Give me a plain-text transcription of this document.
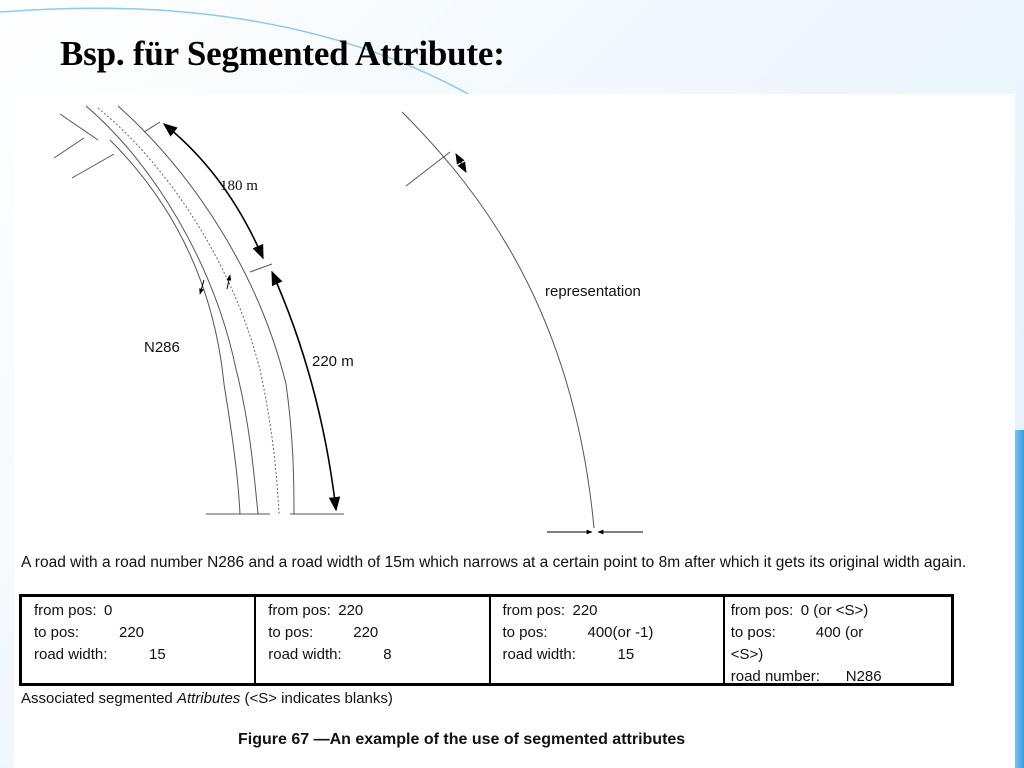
Bsp. für Segmented Attribute:
180 m
220 m
N286
representation

A road with a road number N286 and a road width of 15m which narrows at a certain point to 8m after which it gets its original width again.

from pos: 0
to pos:	220
road width:	15
from pos: 220
to pos:	220
road width:	8
from pos: 220
to pos:	400(or -1)
road width:	15
from pos: 0 (or <S>)
to pos:	400 (or
<S>)
road number:	N286

Associated segmented Attributes (<S> indicates blanks)

Figure 67 —An example of the use of segmented attributes
